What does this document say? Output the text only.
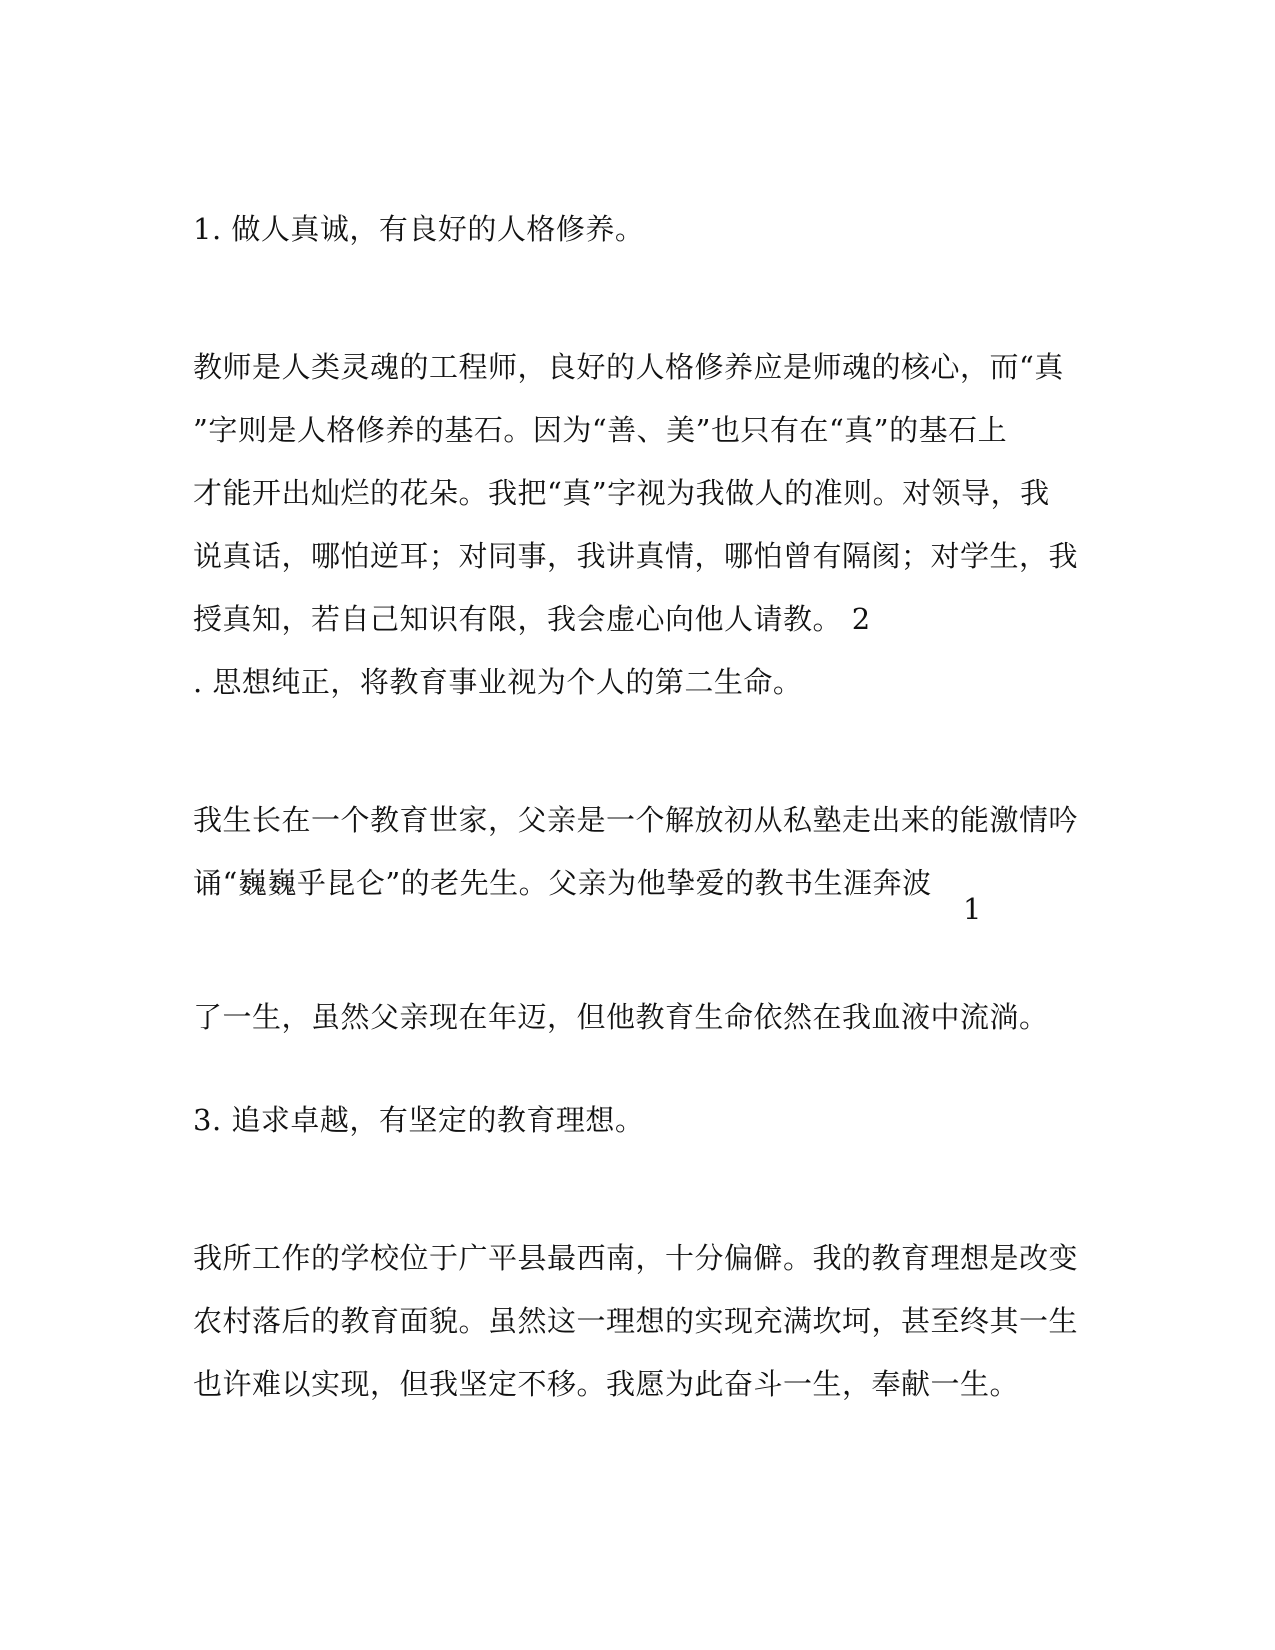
1. 做人真诚，有良好的人格修养。
教师是人类灵魂的工程师，良好的人格修养应是师魂的核心，而“真
”字则是人格修养的基石。因为“善、美”也只有在“真”的基石上
才能开出灿烂的花朵。我把“真”字视为我做人的准则。对领导，我
说真话，哪怕逆耳；对同事，我讲真情，哪怕曾有隔阂；对学生，我
授真知，若自己知识有限，我会虚心向他人请教。 2
. 思想纯正，将教育事业视为个人的第二生命。
我生长在一个教育世家，父亲是一个解放初从私塾走出来的能激情吟
诵“巍巍乎昆仑”的老先生。父亲为他挚爱的教书生涯奔波
1
了一生，虽然父亲现在年迈，但他教育生命依然在我血液中流淌。
3. 追求卓越，有坚定的教育理想。
我所工作的学校位于广平县最西南，十分偏僻。我的教育理想是改变
农村落后的教育面貌。虽然这一理想的实现充满坎坷，甚至终其一生
也许难以实现，但我坚定不移。我愿为此奋斗一生，奉献一生。
